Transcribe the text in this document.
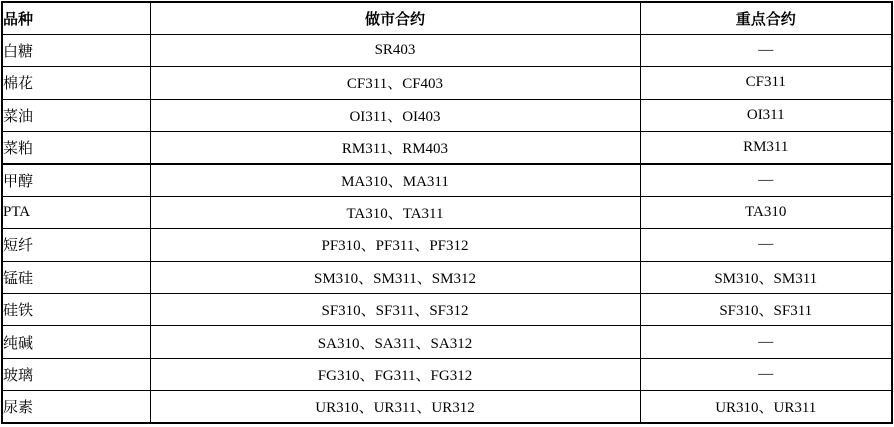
品种	做市合约	重点合约
白糖	SR403	—
棉花	CF311、CF403	CF311
菜油	OI311、OI403	OI311
菜粕	RM311、RM403	RM311
甲醇	MA310、MA311	—
PTA	TA310、TA311	TA310
短纤	PF310、PF311、PF312	—
锰硅	SM310、SM311、SM312	SM310、SM311
硅铁	SF310、SF311、SF312	SF310、SF311
纯碱	SA310、SA311、SA312	—
玻璃	FG310、FG311、FG312	—
尿素	UR310、UR311、UR312	UR310、UR311
